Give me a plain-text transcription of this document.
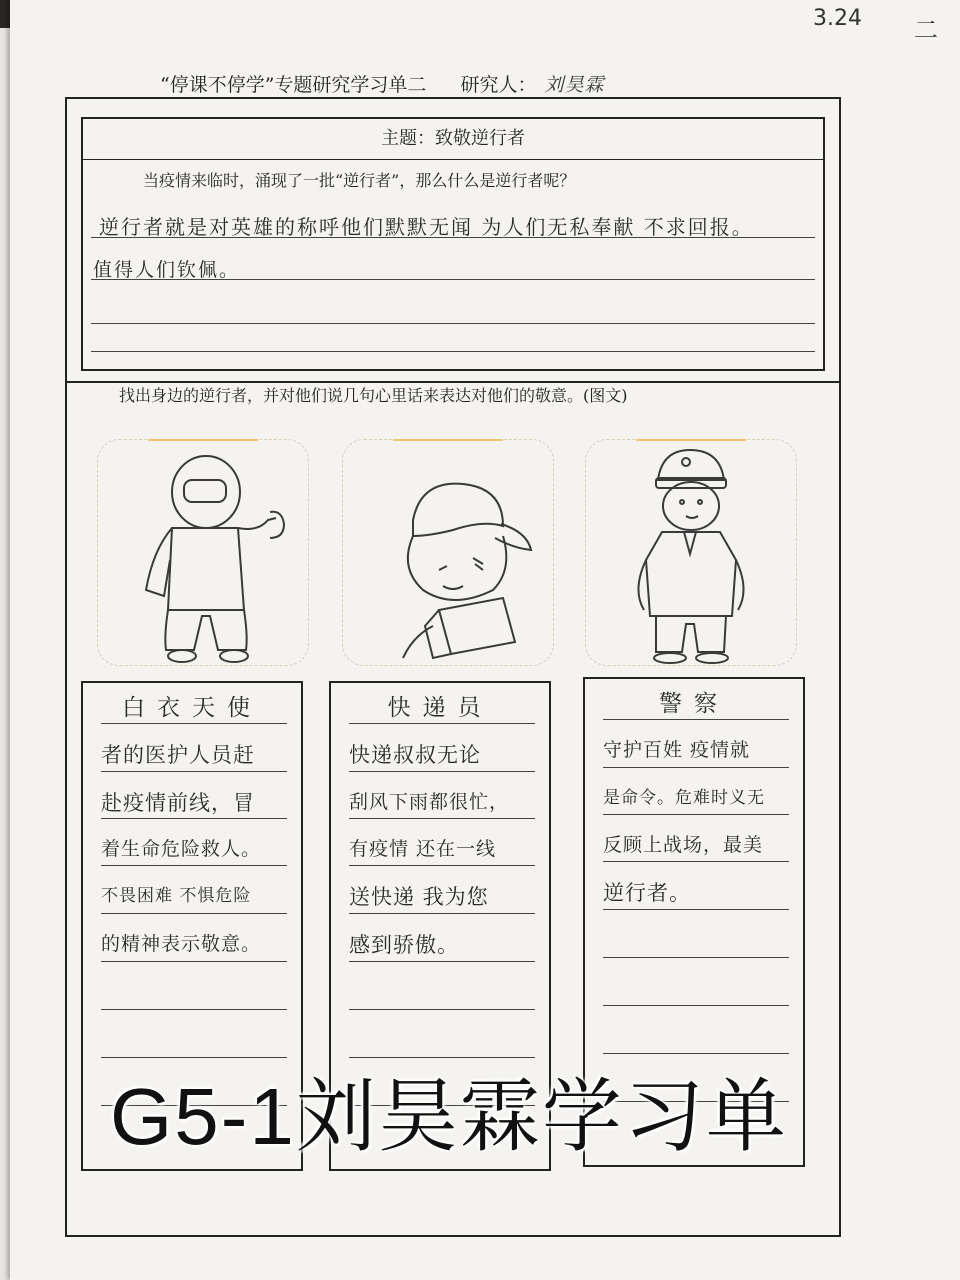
3.24 二
“停课不停学”专题研究学习单二 研究人： 刘昊霖
主题：致敬逆行者
当疫情来临时，涌现了一批“逆行者”，那么什么是逆行者呢？
逆行者就是对英雄的称呼他们默默无闻 为人们无私奉献 不求回报。
值得人们钦佩。
找出身边的逆行者，并对他们说几句心里话来表达对他们的敬意。(图文)
白衣天使
者的医护人员赶
赴疫情前线，冒
着生命危险救人。
不畏困难 不惧危险
的精神表示敬意。
快递员
快递叔叔无论
刮风下雨都很忙，
有疫情 还在一线
送快递 我为您
感到骄傲。
警察
守护百姓 疫情就
是命令。危难时义无
反顾上战场，最美
逆行者。
G5-1刘昊霖学习单
